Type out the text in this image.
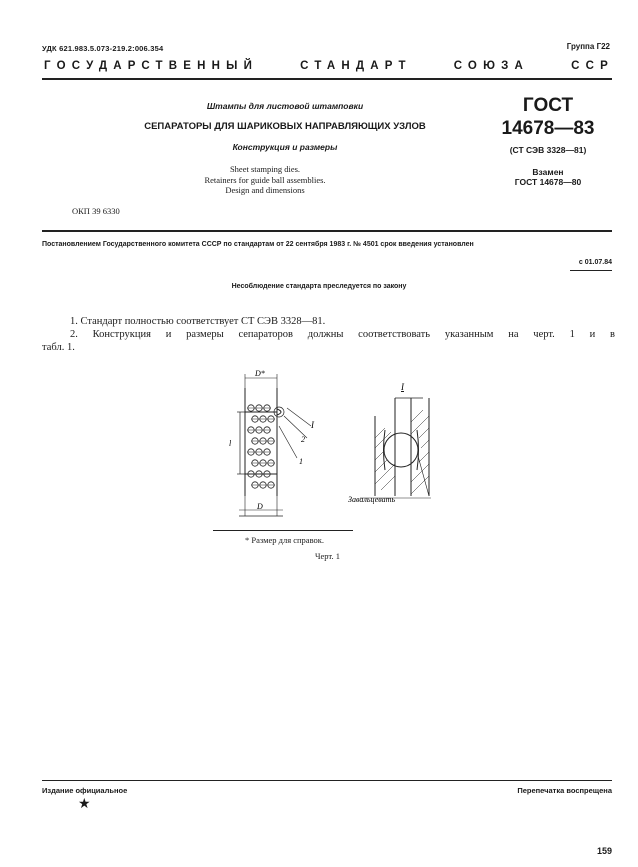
УДК 621.983.5.073-219.2:006.354	Группа Г22
ГОСУДАРСТВЕННЫЙ	СТАНДАРТ	СОЮЗА	ССР
Штампы для листовой штамповки
СЕПАРАТОРЫ ДЛЯ ШАРИКОВЫХ НАПРАВЛЯЮЩИХ УЗЛОВ
Конструкция и размеры
Sheet stamping dies.
Retainers for guide ball assemblies.
Design and dimensions
ГОСТ
14678—83
(СТ СЭВ 3328—81)
Взамен
ГОСТ 14678—80
ОКП 39 6330
Постановлением Государственного комитета СССР по стандартам от 22 сентября 1983 г. № 4501 срок введения установлен
с 01.07.84
Несоблюдение стандарта преследуется по закону
1. Стандарт полностью соответствует СТ СЭВ 3328—81.
2. Конструкция и размеры сепараторов должны соответствовать указанным на черт. 1 и в
табл. 1.
D*
D
l
1
2
I
I
Завальцевать
* Размер для справок.
Черт. 1
Издание официальное
★
Перепечатка воспрещена
159
